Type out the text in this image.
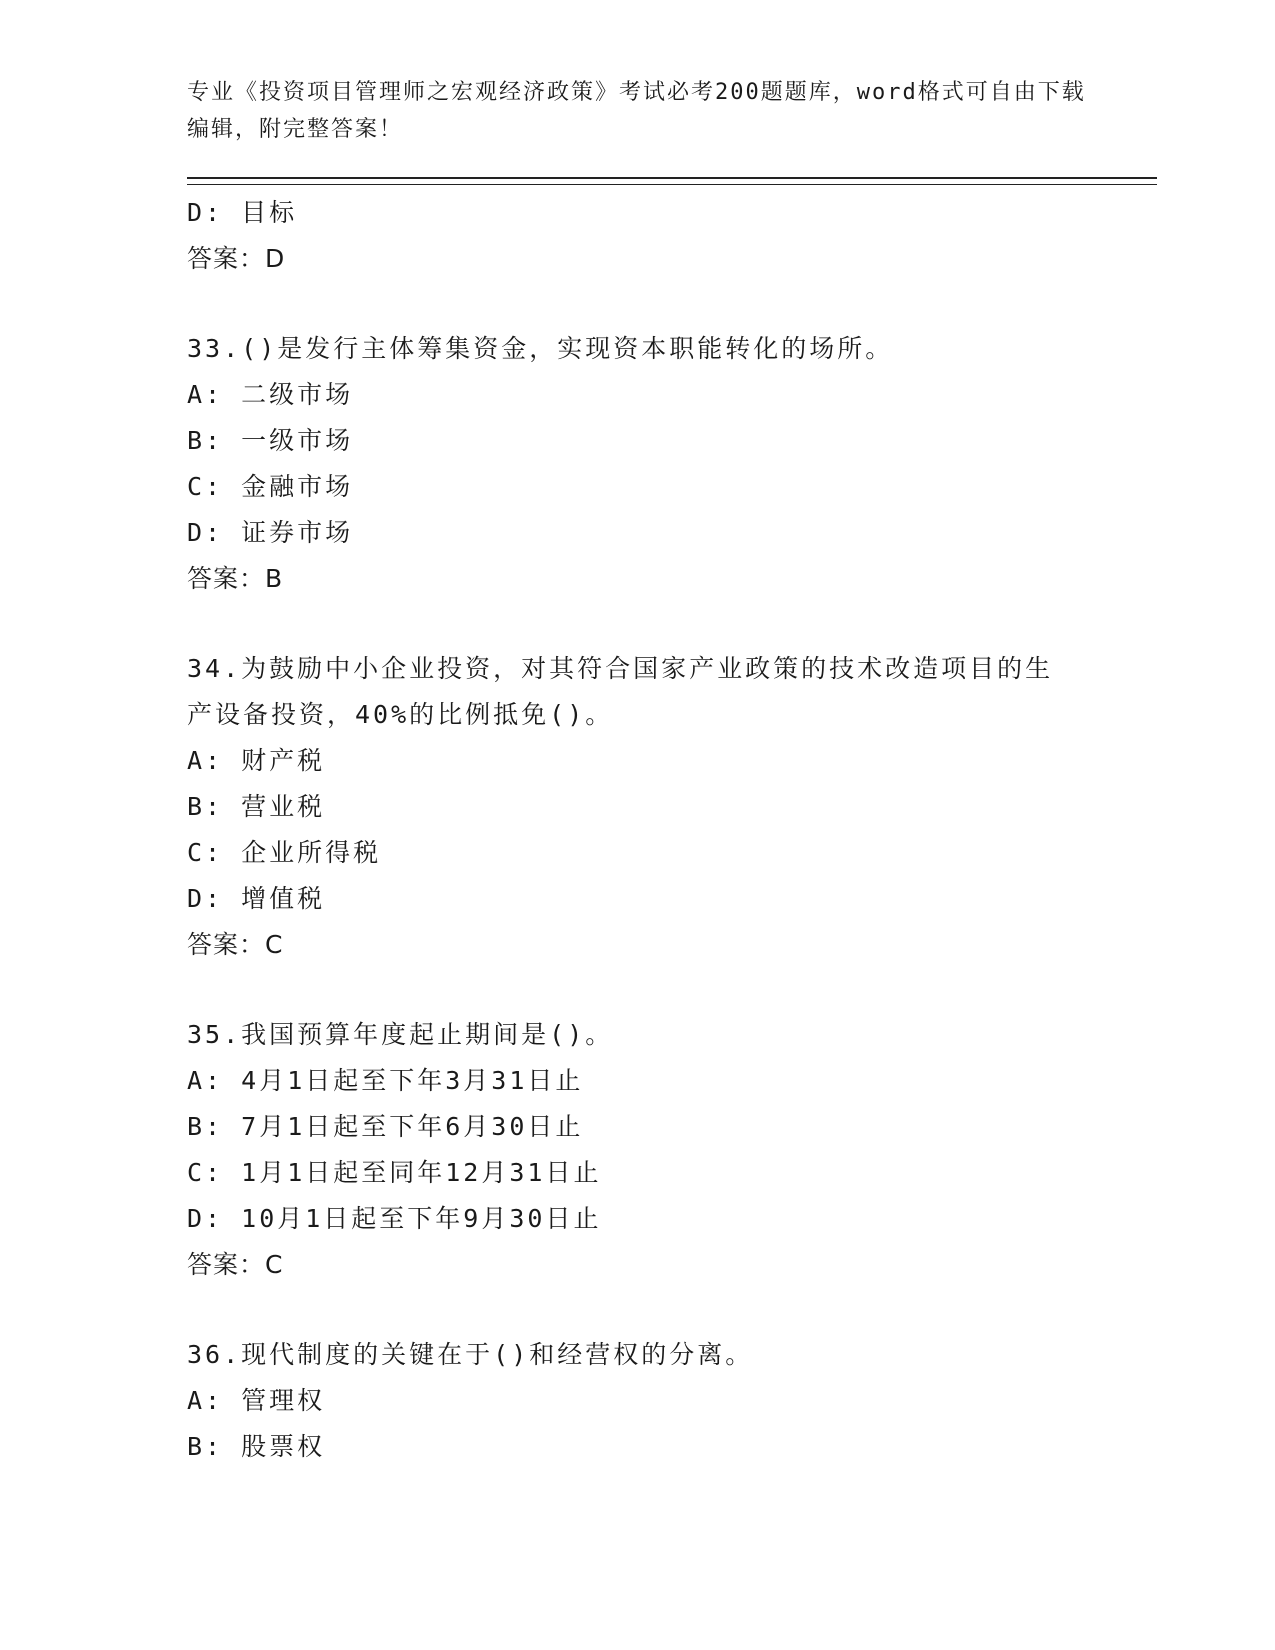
专业《投资项目管理师之宏观经济政策》考试必考200题题库，word格式可自由下载编辑，附完整答案！
D: 目标
答案：D
33.()是发行主体筹集资金，实现资本职能转化的场所。
A: 二级市场
B: 一级市场
C: 金融市场
D: 证券市场
答案：B
34.为鼓励中小企业投资，对其符合国家产业政策的技术改造项目的生
产设备投资，40%的比例抵免()。
A: 财产税
B: 营业税
C: 企业所得税
D: 增值税
答案：C
35.我国预算年度起止期间是()。
A: 4月1日起至下年3月31日止
B: 7月1日起至下年6月30日止
C: 1月1日起至同年12月31日止
D: 10月1日起至下年9月30日止
答案：C
36.现代制度的关键在于()和经营权的分离。
A: 管理权
B: 股票权
